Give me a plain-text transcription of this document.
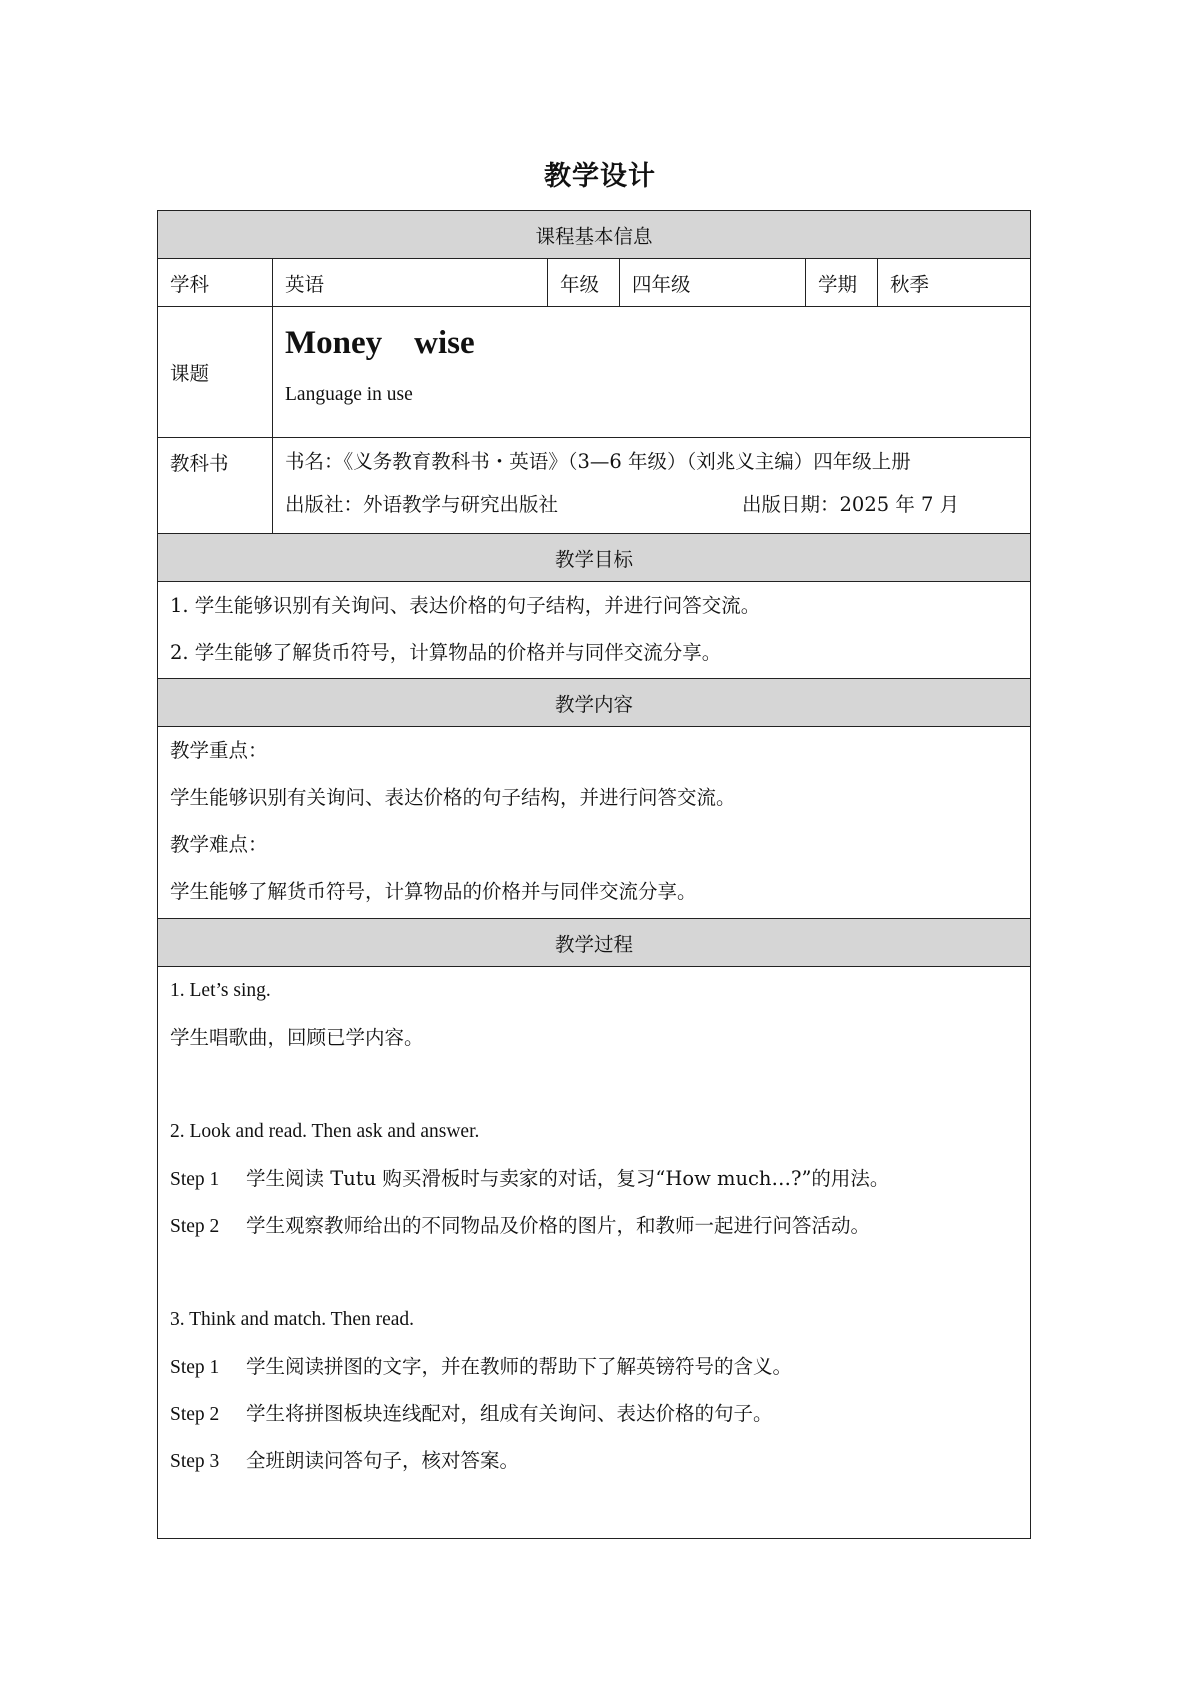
教学设计
课程基本信息
学科	英语	年级	四年级	学期	秋季
课题
Money wise
Language in use
教科书	书名：《义务教育教科书・英语》（3—6 年级）（刘兆义主编）四年级上册
出版社：外语教学与研究出版社	出版日期：2025 年 7 月
教学目标
1. 学生能够识别有关询问、表达价格的句子结构，并进行问答交流。
2. 学生能够了解货币符号，计算物品的价格并与同伴交流分享。
教学内容
教学重点：
学生能够识别有关询问、表达价格的句子结构，并进行问答交流。
教学难点：
学生能够了解货币符号，计算物品的价格并与同伴交流分享。
教学过程
1. Let’s sing.
学生唱歌曲，回顾已学内容。
2. Look and read. Then ask and answer.
Step 1 学生阅读 Tutu 购买滑板时与卖家的对话，复习“How much…?”的用法。
Step 2 学生观察教师给出的不同物品及价格的图片，和教师一起进行问答活动。
3. Think and match. Then read.
Step 1 学生阅读拼图的文字，并在教师的帮助下了解英镑符号的含义。
Step 2 学生将拼图板块连线配对，组成有关询问、表达价格的句子。
Step 3 全班朗读问答句子，核对答案。
